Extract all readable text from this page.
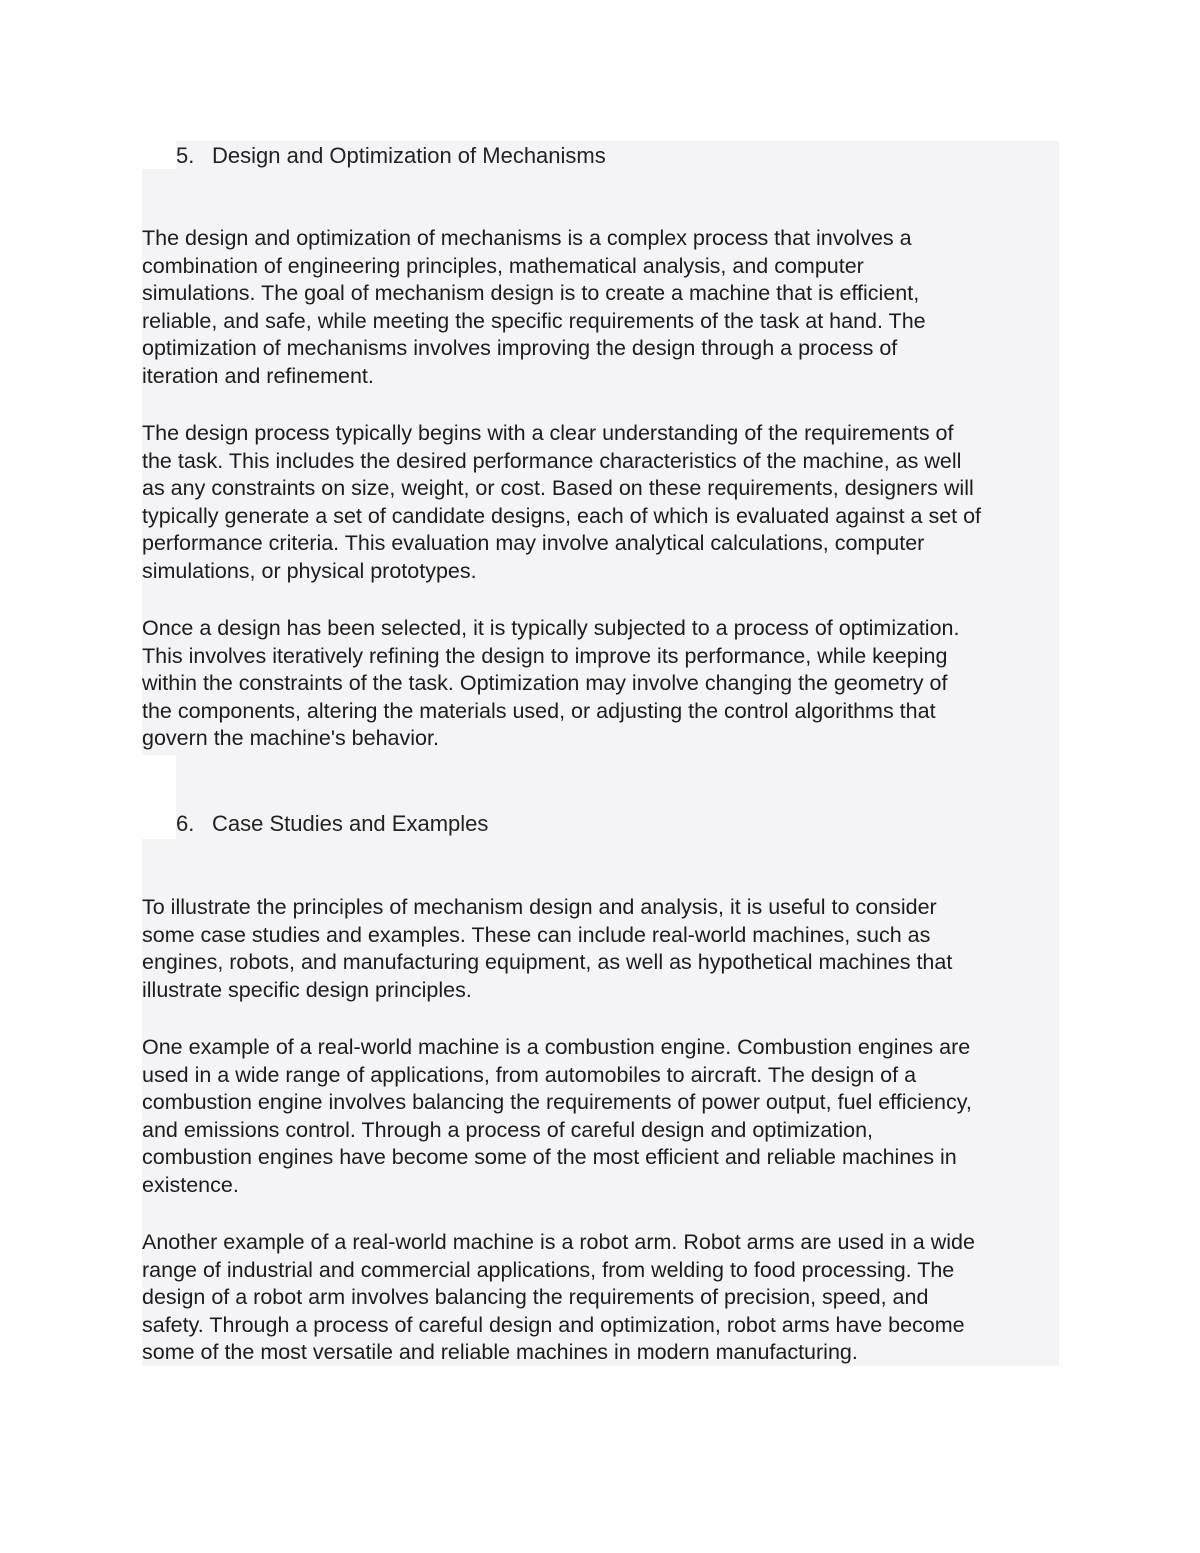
5. Design and Optimization of Mechanisms

The design and optimization of mechanisms is a complex process that involves a
combination of engineering principles, mathematical analysis, and computer
simulations. The goal of mechanism design is to create a machine that is efficient,
reliable, and safe, while meeting the specific requirements of the task at hand. The
optimization of mechanisms involves improving the design through a process of
iteration and refinement.

The design process typically begins with a clear understanding of the requirements of
the task. This includes the desired performance characteristics of the machine, as well
as any constraints on size, weight, or cost. Based on these requirements, designers will
typically generate a set of candidate designs, each of which is evaluated against a set of
performance criteria. This evaluation may involve analytical calculations, computer
simulations, or physical prototypes.

Once a design has been selected, it is typically subjected to a process of optimization.
This involves iteratively refining the design to improve its performance, while keeping
within the constraints of the task. Optimization may involve changing the geometry of
the components, altering the materials used, or adjusting the control algorithms that
govern the machine's behavior.

6. Case Studies and Examples

To illustrate the principles of mechanism design and analysis, it is useful to consider
some case studies and examples. These can include real-world machines, such as
engines, robots, and manufacturing equipment, as well as hypothetical machines that
illustrate specific design principles.

One example of a real-world machine is a combustion engine. Combustion engines are
used in a wide range of applications, from automobiles to aircraft. The design of a
combustion engine involves balancing the requirements of power output, fuel efficiency,
and emissions control. Through a process of careful design and optimization,
combustion engines have become some of the most efficient and reliable machines in
existence.

Another example of a real-world machine is a robot arm. Robot arms are used in a wide
range of industrial and commercial applications, from welding to food processing. The
design of a robot arm involves balancing the requirements of precision, speed, and
safety. Through a process of careful design and optimization, robot arms have become
some of the most versatile and reliable machines in modern manufacturing.
